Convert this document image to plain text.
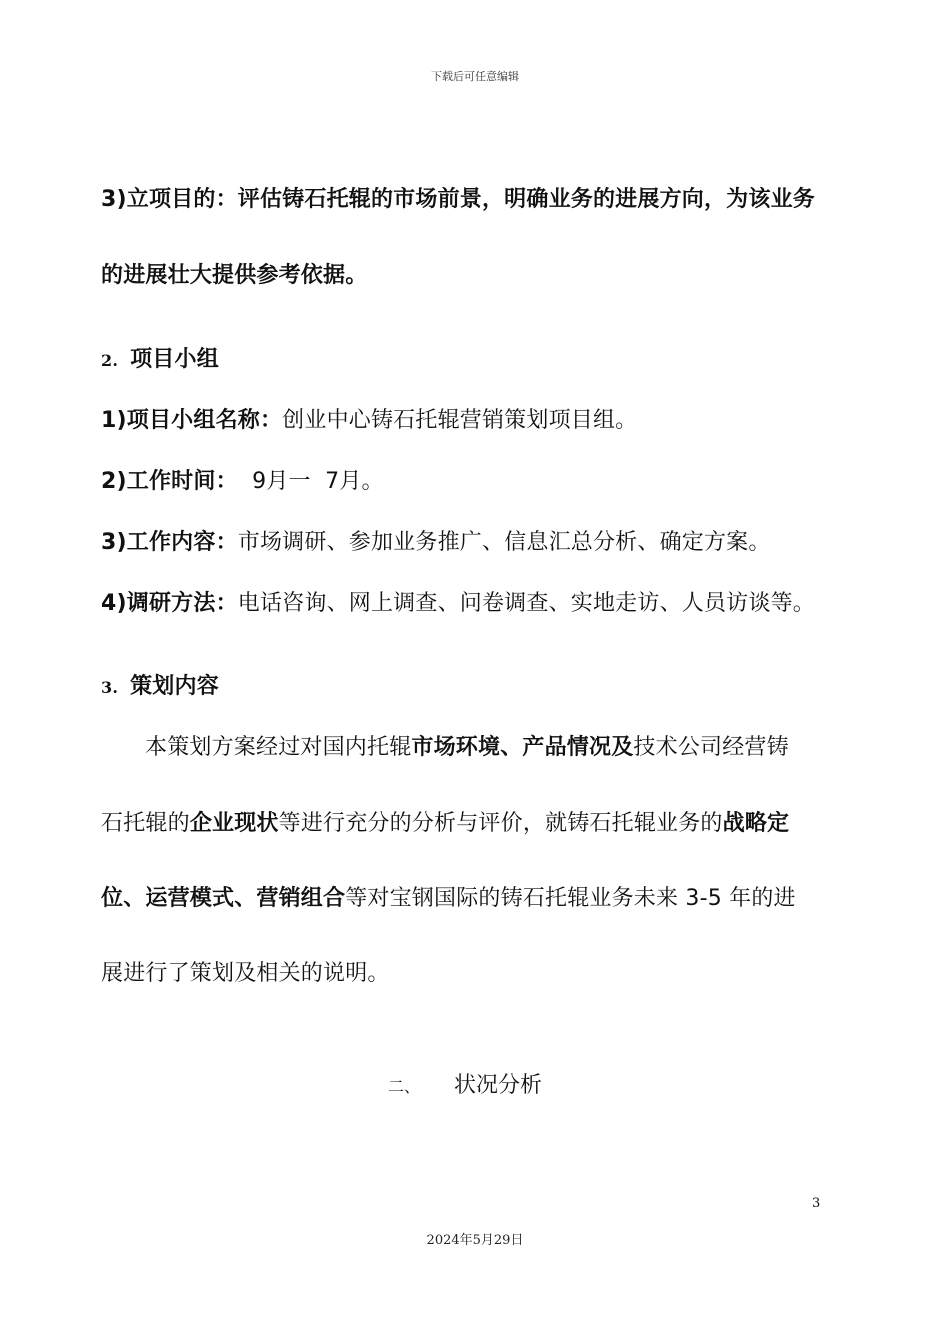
下载后可任意编辑
3)立项目的：评估铸石托辊的市场前景，明确业务的进展方向，为该业务
的进展壮大提供参考依据。
2. 项目小组
1)项目小组名称：创业中心铸石托辊营销策划项目组。
2)工作时间：  9月一  7月。
3)工作内容：市场调研、参加业务推广、信息汇总分析、确定方案。
4)调研方法：电话咨询、网上调查、问卷调查、实地走访、人员访谈等。
3. 策划内容
本策划方案经过对国内托辊市场环境、产品情况及技术公司经营铸
石托辊的企业现状等进行充分的分析与评价，就铸石托辊业务的战略定
位、运营模式、营销组合等对宝钢国际的铸石托辊业务未来 3-5 年的进
展进行了策划及相关的说明。
二、 状况分析
3
2024年5月29日
